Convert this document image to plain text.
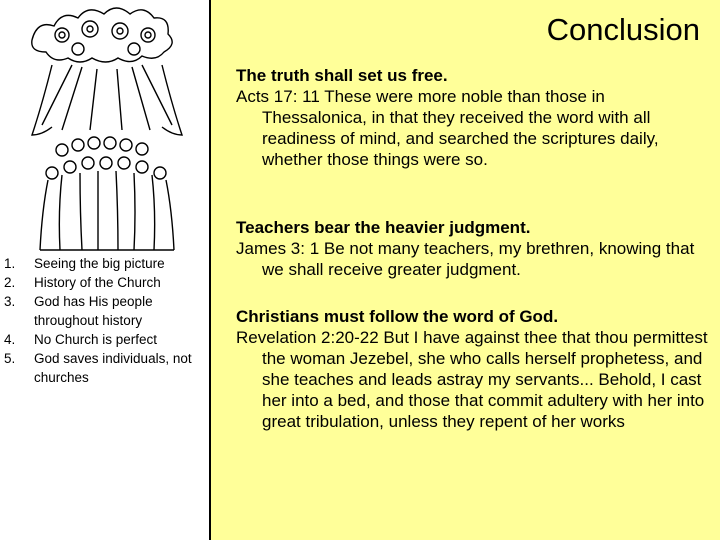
1. Seeing the big picture
2. History of the Church
3. God has His people throughout history
4. No Church is perfect
5. God saves individuals, not churches
Conclusion
The truth shall set us free.
Acts 17: 11 These were more noble than those in Thessalonica, in that they received the word with all readiness of mind, and searched the scriptures daily, whether those things were so.
Teachers bear the heavier judgment.
James 3: 1 Be not many teachers, my brethren, knowing that we shall receive greater judgment.
Christians must follow the word of God.
Revelation 2:20-22 But I have against thee that thou permittest the woman Jezebel, she who calls herself prophetess, and she teaches and leads astray my servants... Behold, I cast her into a bed, and those that commit adultery with her into great tribulation, unless they repent of her works
